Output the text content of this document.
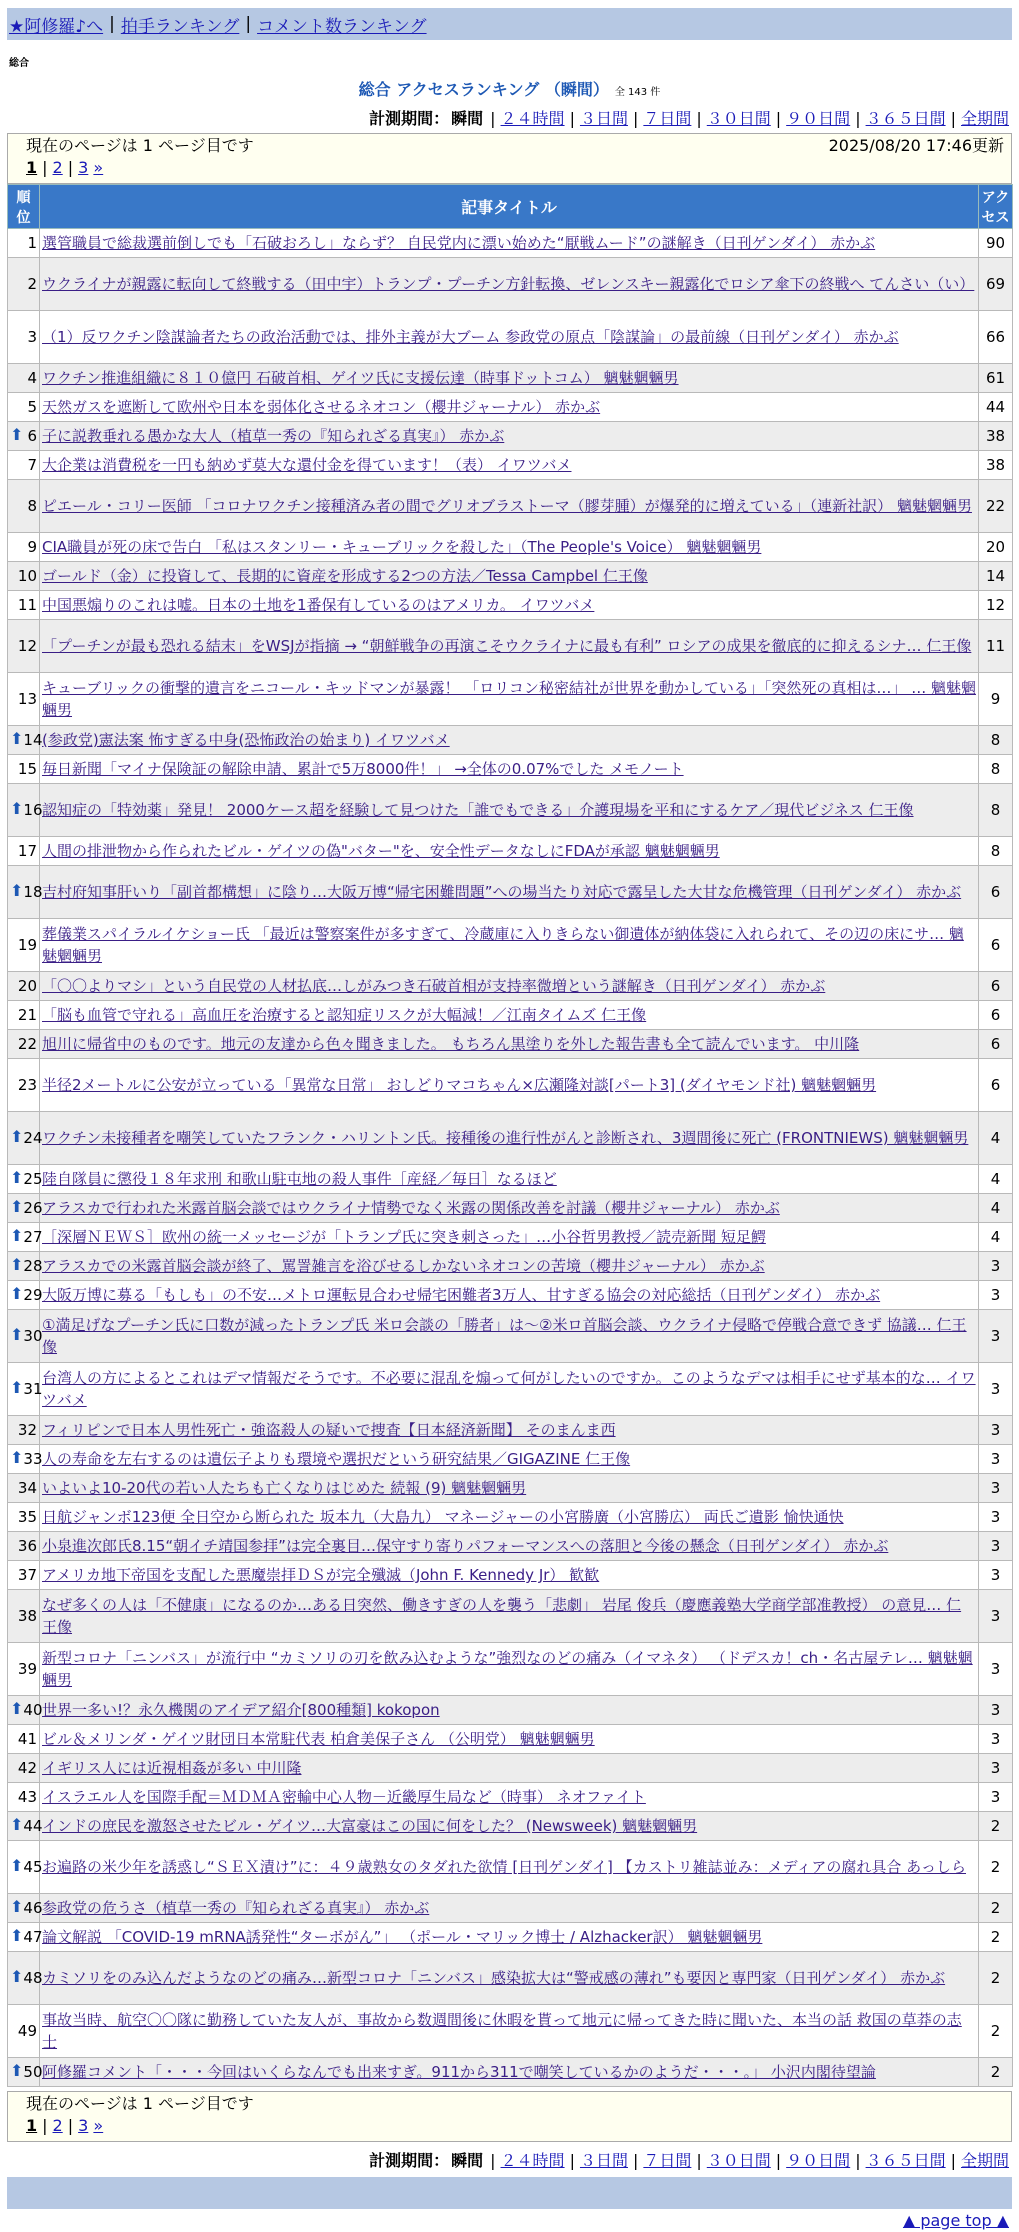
★阿修羅♪へ | 拍手ランキング | コメント数ランキング
総合
総合 アクセスランキング （瞬間） 全 143 件
計測期間： 瞬間 | ２４時間 | ３日間 | ７日間 | ３０日間 | ９０日間 | ３６５日間 | 全期間
現在のページは 1 ページ目です	2025/08/20 17:46更新
1 | 2 | 3 »
順位	記事タイトル	アクセス
1	選管職員で総裁選前倒しでも「石破おろし」ならず？ 自民党内に漂い始めた“厭戦ムード”の謎解き（日刊ゲンダイ） 赤かぶ	90
2	ウクライナが親露に転向して終戦する（田中宇）トランプ・プーチン方針転換、ゼレンスキー親露化でロシア傘下の終戦へ てんさい（い）	69
3	（1）反ワクチン陰謀論者たちの政治活動では、排外主義が大ブーム 参政党の原点「陰謀論」の最前線（日刊ゲンダイ） 赤かぶ	66
4	ワクチン推進組織に８１０億円 石破首相、ゲイツ氏に支援伝達（時事ドットコム） 魑魅魍魎男	61
5	天然ガスを遮断して欧州や日本を弱体化させるネオコン（櫻井ジャーナル） 赤かぶ	44

⬆ 6	子に説教垂れる愚かな大人（植草一秀の『知られざる真実』） 赤かぶ	38
7	大企業は消費税を一円も納めず莫大な還付金を得ています！（表） イワツバメ	38
8	ピエール・コリー医師 「コロナワクチン接種済み者の間でグリオブラストーマ（膠芽腫）が爆発的に増えている」（連新社訳） 魑魅魍魎男	22
9	CIA職員が死の床で告白 「私はスタンリー・キューブリックを殺した」（The People's Voice） 魑魅魍魎男	20
10	ゴールド（金）に投資して、長期的に資産を形成する2つの方法／Tessa Campbel 仁王像	14
11	中国悪煽りのこれは嘘。日本の土地を1番保有しているのはアメリカ。 イワツバメ	12
12	「プーチンが最も恐れる結末」をWSJが指摘 → “朝鮮戦争の再演こそウクライナに最も有利” ロシアの成果を徹底的に抑えるシナ… 仁王像	11
13	キューブリックの衝撃的遺言をニコール・キッドマンが暴露！ 「ロリコン秘密結社が世界を動かしている」「突然死の真相は…」 … 魑魅魍魎男	9

⬆ 14	(参政党)憲法案 怖すぎる中身(恐怖政治の始まり) イワツバメ	8
15	毎日新聞「マイナ保険証の解除申請、累計で5万8000件！」 →全体の0.07%でした メモノート	8

⬆ 16	認知症の「特効薬」発見！ 2000ケース超を経験して見つけた「誰でもできる」介護現場を平和にするケア／現代ビジネス 仁王像	8
17	人間の排泄物から作られたビル・ゲイツの偽"バター"を、安全性データなしにFDAが承認 魑魅魍魎男	8

⬆ 18	吉村府知事肝いり「副首都構想」に陰り…大阪万博“帰宅困難問題”への場当たり対応で露呈した大甘な危機管理（日刊ゲンダイ） 赤かぶ	6
19	葬儀業スパイラルイケショー氏 「最近は警察案件が多すぎて、冷蔵庫に入りきらない御遺体が納体袋に入れられて、その辺の床にサ… 魑魅魍魎男	6
20	「〇〇よりマシ」という自民党の人材払底…しがみつき石破首相が支持率微増という謎解き（日刊ゲンダイ） 赤かぶ	6
21	「脳も血管で守れる」高血圧を治療すると認知症リスクが大幅減！／江南タイムズ 仁王像	6
22	旭川に帰省中のものです。地元の友達から色々聞きました。 もちろん黒塗りを外した報告書も全て読んでいます。 中川隆	6
23	半径2メートルに公安が立っている「異常な日常」 おしどりマコちゃん×広瀬隆対談[パート3] (ダイヤモンド社) 魑魅魍魎男	6

⬆ 24	ワクチン未接種者を嘲笑していたフランク・ハリントン氏。接種後の進行性がんと診断され、3週間後に死亡 (FRONTNIEWS) 魑魅魍魎男	4

⬆ 25	陸自隊員に懲役１８年求刑 和歌山駐屯地の殺人事件［産経／毎日］なるほど	4

⬆ 26	アラスカで行われた米露首脳会談ではウクライナ情勢でなく米露の関係改善を討議（櫻井ジャーナル） 赤かぶ	4

⬆ 27	［深層ＮＥＷＳ］欧州の統一メッセージが「トランプ氏に突き刺さった」…小谷哲男教授／読売新聞 短足鰐	4

⬆ 28	アラスカでの米露首脳会談が終了、罵詈雑言を浴びせるしかないネオコンの苦境（櫻井ジャーナル） 赤かぶ	3

⬆ 29	大阪万博に募る「もしも」の不安…メトロ運転見合わせ帰宅困難者3万人、甘すぎる協会の対応総括（日刊ゲンダイ） 赤かぶ	3

⬆ 30	①満足げなプーチン氏に口数が減ったトランプ氏 米ロ会談の「勝者」は～②米ロ首脳会談、ウクライナ侵略で停戦合意できず 協議… 仁王像	3

⬆ 31	台湾人の方によるとこれはデマ情報だそうです。不必要に混乱を煽って何がしたいのですか。このようなデマは相手にせず基本的な… イワツバメ	3
32	フィリピンで日本人男性死亡・強盗殺人の疑いで捜査【日本経済新聞】 そのまんま西	3

⬆ 33	人の寿命を左右するのは遺伝子よりも環境や選択だという研究結果／GIGAZINE 仁王像	3
34	いよいよ10-20代の若い人たちも亡くなりはじめた 続報 (9) 魑魅魍魎男	3
35	日航ジャンボ123便 全日空から断られた 坂本九（大島九） マネージャーの小宮勝廣（小宮勝広） 両氏ご遺影 愉快通快	3
36	小泉進次郎氏8.15“朝イチ靖国参拝”は完全裏目…保守すり寄りパフォーマンスへの落胆と今後の懸念（日刊ゲンダイ） 赤かぶ	3
37	アメリカ地下帝国を支配した悪魔崇拝ＤＳが完全殲滅（John F. Kennedy Jr） 歓歓	3
38	なぜ多くの人は「不健康」になるのか…ある日突然、働きすぎの人を襲う「悲劇」 岩尾 俊兵（慶應義塾大学商学部准教授） の意見… 仁王像	3
39	新型コロナ「ニンバス」が流行中 “カミソリの刃を飲み込むような”強烈なのどの痛み（イマネタ） （ドデスカ！ch・名古屋テレ… 魑魅魍魎男	3

⬆ 40	世界一多い!？永久機関のアイデア紹介[800種類] kokopon	3
41	ビル＆メリンダ・ゲイツ財団日本常駐代表 柏倉美保子さん （公明党） 魑魅魍魎男	3
42	イギリス人には近視相姦が多い 中川隆	3
43	イスラエル人を国際手配＝ＭＤＭＡ密輸中心人物－近畿厚生局など（時事） ネオファイト	3

⬆ 44	インドの庶民を激怒させたビル・ゲイツ…大富豪はこの国に何をした？ (Newsweek) 魑魅魍魎男	2

⬆ 45	お遍路の米少年を誘惑し“ＳＥＸ漬け”に：４９歳熟女のタダれた欲情 [日刊ゲンダイ] 【カストリ雑誌並み：メディアの腐れ具合 あっしら	2

⬆ 46	参政党の危うさ（植草一秀の『知られざる真実』） 赤かぶ	2

⬆ 47	論文解説 「COVID-19 mRNA誘発性“ターボがん”」 （ポール・マリック博士 / Alzhacker訳） 魑魅魍魎男	2

⬆ 48	カミソリをのみ込んだようなのどの痛み…新型コロナ「ニンバス」感染拡大は“警戒感の薄れ”も要因と専門家（日刊ゲンダイ） 赤かぶ	2
49	事故当時、航空〇〇隊に勤務していた友人が、事故から数週間後に休暇を貰って地元に帰ってきた時に聞いた、本当の話 救国の草莽の志士	2

⬆ 50	阿修羅コメント「・・・今回はいくらなんでも出来すぎ。911から311で嘲笑しているかのようだ・・・。」 小沢内閣待望論	2
現在のページは 1 ページ目です
1 | 2 | 3 »
計測期間： 瞬間 | ２４時間 | ３日間 | ７日間 | ３０日間 | ９０日間 | ３６５日間 | 全期間
▲ page top ▲
